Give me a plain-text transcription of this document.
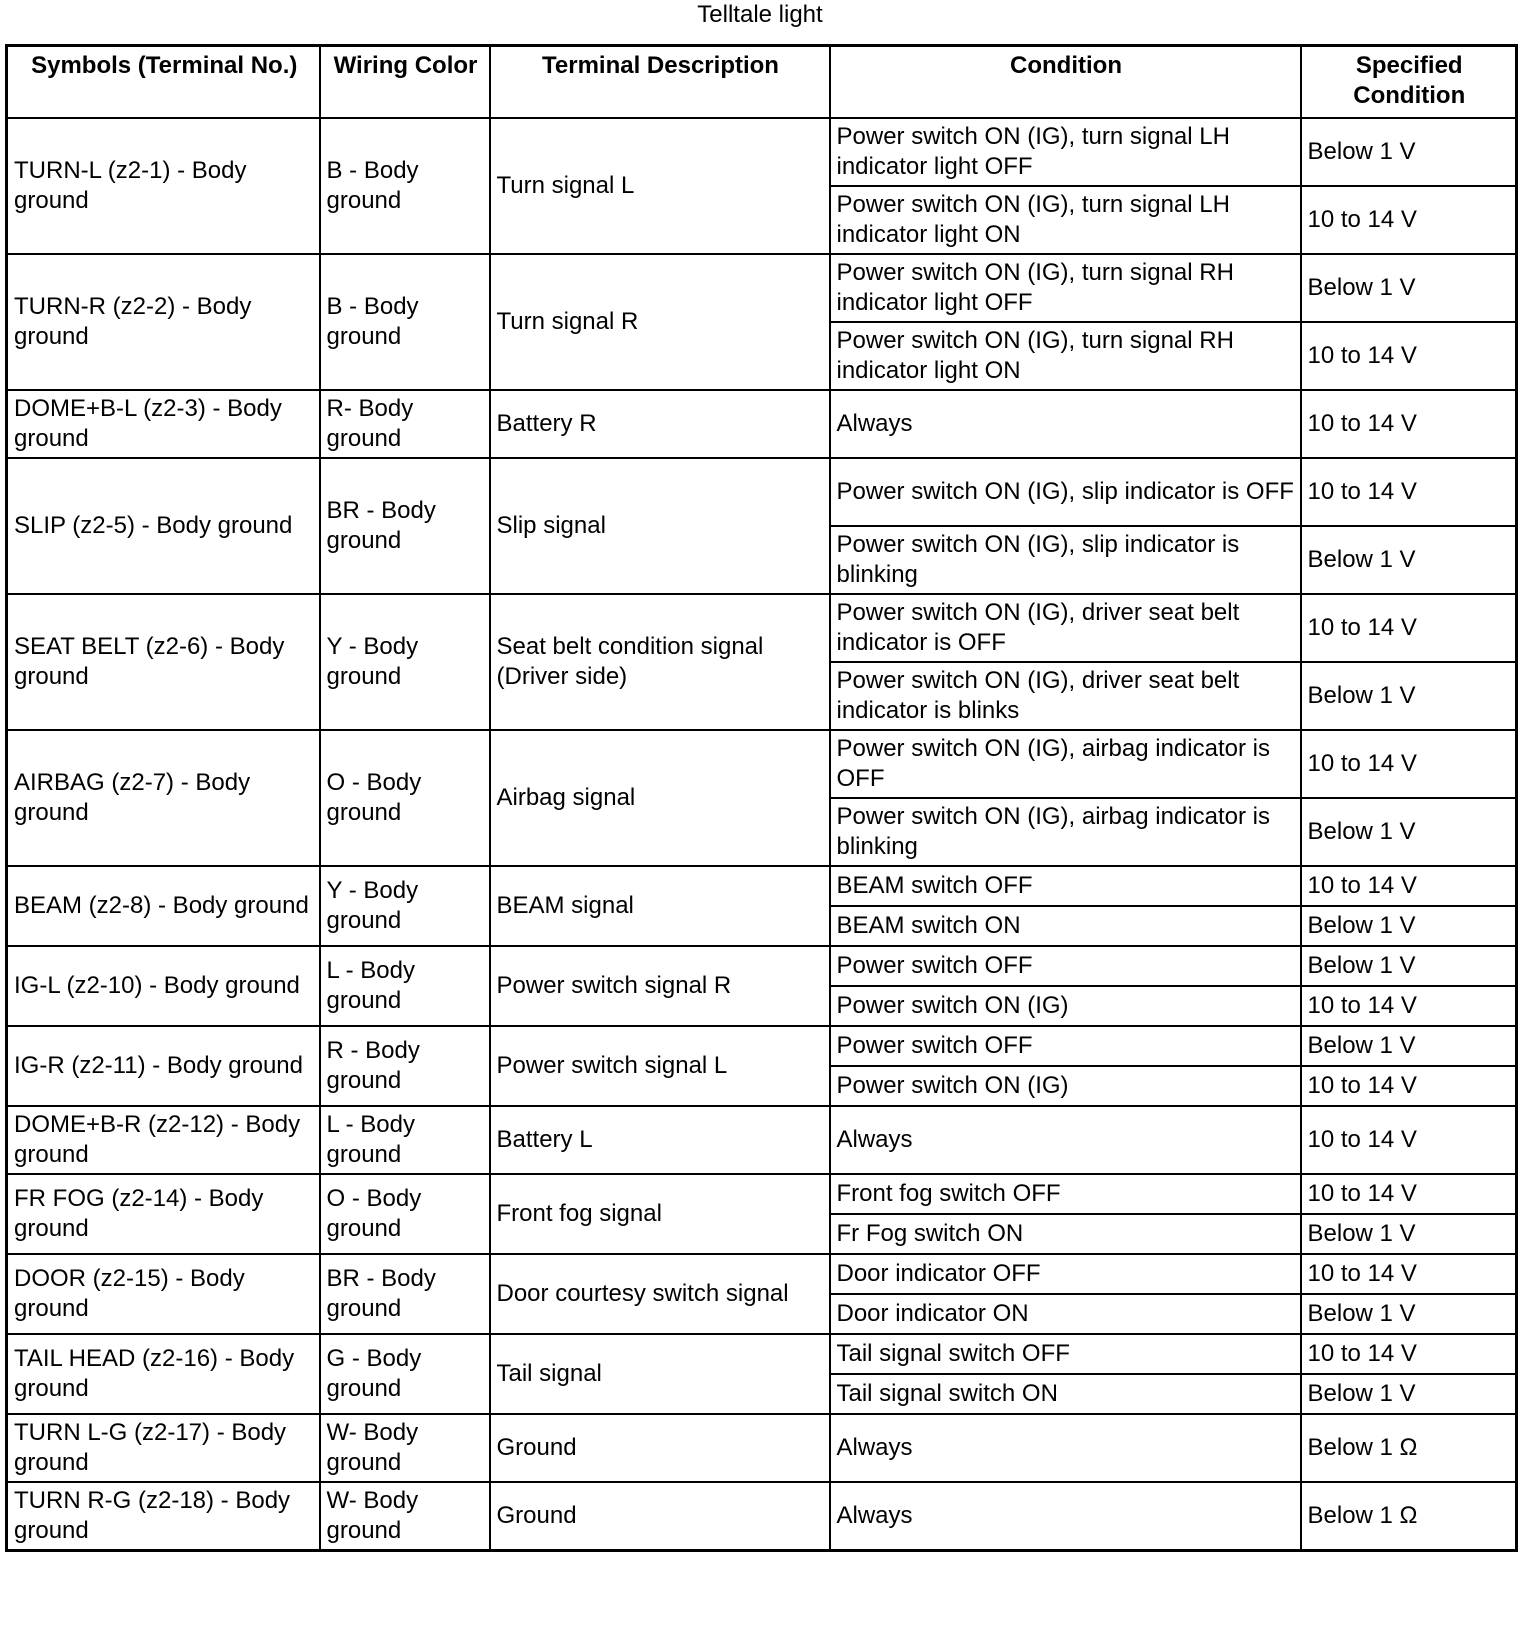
Telltale light
Symbols (Terminal No.)	Wiring Color	Terminal Description	Condition	Specified Condition
TURN-L (z2-1) - Body ground	B - Body ground	Turn signal L	Power switch ON (IG), turn signal LH indicator light OFF	Below 1 V
			Power switch ON (IG), turn signal LH indicator light ON	10 to 14 V
TURN-R (z2-2) - Body ground	B - Body ground	Turn signal R	Power switch ON (IG), turn signal RH indicator light OFF	Below 1 V
			Power switch ON (IG), turn signal RH indicator light ON	10 to 14 V
DOME+B-L (z2-3) - Body ground	R- Body ground	Battery R	Always	10 to 14 V
SLIP (z2-5) - Body ground	BR - Body ground	Slip signal	Power switch ON (IG), slip indicator is OFF	10 to 14 V
			Power switch ON (IG), slip indicator is blinking	Below 1 V
SEAT BELT (z2-6) - Body ground	Y - Body ground	Seat belt condition signal (Driver side)	Power switch ON (IG), driver seat belt indicator is OFF	10 to 14 V
			Power switch ON (IG), driver seat belt indicator is blinks	Below 1 V
AIRBAG (z2-7) - Body ground	O - Body ground	Airbag signal	Power switch ON (IG), airbag indicator is OFF	10 to 14 V
			Power switch ON (IG), airbag indicator is blinking	Below 1 V
BEAM (z2-8) - Body ground	Y - Body ground	BEAM signal	BEAM switch OFF	10 to 14 V
			BEAM switch ON	Below 1 V
IG-L (z2-10) - Body ground	L - Body ground	Power switch signal R	Power switch OFF	Below 1 V
			Power switch ON (IG)	10 to 14 V
IG-R (z2-11) - Body ground	R - Body ground	Power switch signal L	Power switch OFF	Below 1 V
			Power switch ON (IG)	10 to 14 V
DOME+B-R (z2-12) - Body ground	L - Body ground	Battery L	Always	10 to 14 V
FR FOG (z2-14) - Body ground	O - Body ground	Front fog signal	Front fog switch OFF	10 to 14 V
			Fr Fog switch ON	Below 1 V
DOOR (z2-15) - Body ground	BR - Body ground	Door courtesy switch signal	Door indicator OFF	10 to 14 V
			Door indicator ON	Below 1 V
TAIL HEAD (z2-16) - Body ground	G - Body ground	Tail signal	Tail signal switch OFF	10 to 14 V
			Tail signal switch ON	Below 1 V
TURN L-G (z2-17) - Body ground	W- Body ground	Ground	Always	Below 1 Ω
TURN R-G (z2-18) - Body ground	W- Body ground	Ground	Always	Below 1 Ω
